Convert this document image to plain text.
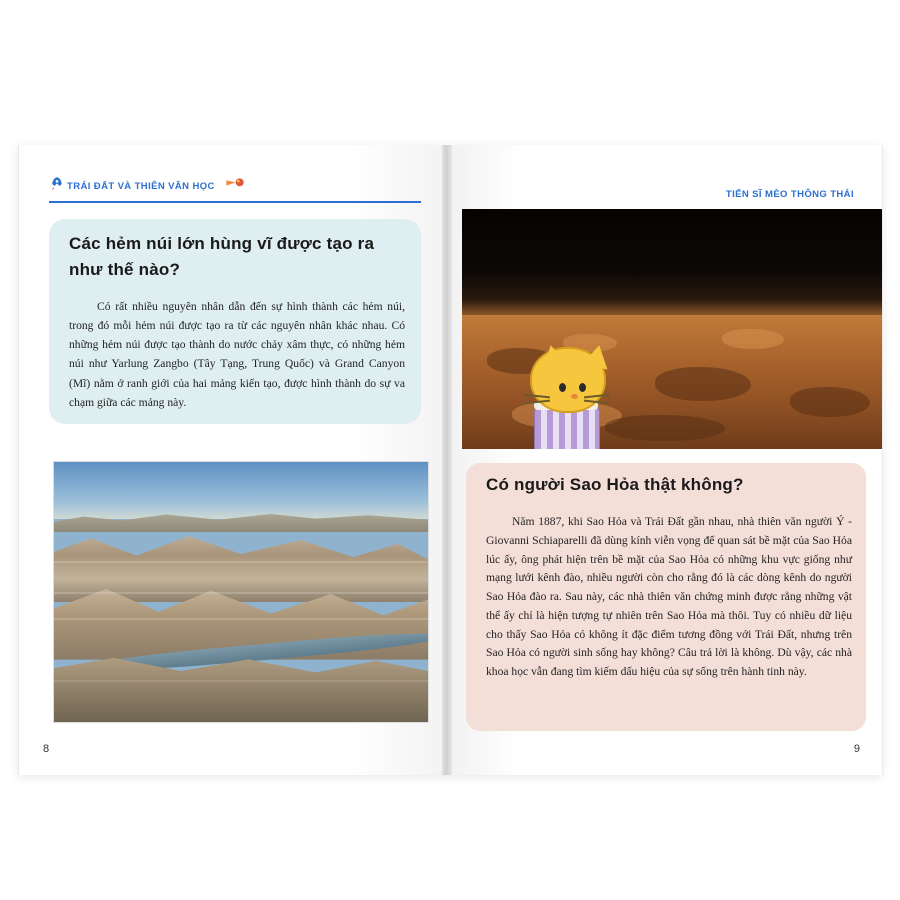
TRÁI ĐẤT VÀ THIÊN VĂN HỌC
Các hẻm núi lớn hùng vĩ được tạo ra như thế nào?
Có rất nhiều nguyên nhân dẫn đến sự hình thành các hẻm núi, trong đó mỗi hẻm núi được tạo ra từ các nguyên nhân khác nhau. Có những hẻm núi được tạo thành do nước chảy xâm thực, có những hẻm núi như Yarlung Zangbo (Tây Tạng, Trung Quốc) và Grand Canyon (Mĩ) nằm ở ranh giới của hai mảng kiến tạo, được hình thành do sự va chạm giữa các mảng này.
8
TIẾN SĨ MÈO THÔNG THÁI
Có người Sao Hỏa thật không?
Năm 1887, khi Sao Hỏa và Trái Đất gần nhau, nhà thiên văn người Ý - Giovanni Schiaparelli đã dùng kính viễn vọng để quan sát bề mặt của Sao Hỏa lúc ấy, ông phát hiện trên bề mặt của Sao Hỏa có những khu vực giống như mạng lưới kênh đào, nhiều người còn cho rằng đó là các dòng kênh do người Sao Hỏa đào ra. Sau này, các nhà thiên văn chứng minh được rằng những vật thể ấy chỉ là hiện tượng tự nhiên trên Sao Hỏa mà thôi. Tuy có nhiều dữ liệu cho thấy Sao Hỏa có không ít đặc điểm tương đồng với Trái Đất, nhưng trên Sao Hỏa có người sinh sống hay không? Câu trả lời là không. Dù vậy, các nhà khoa học vẫn đang tìm kiếm dấu hiệu của sự sống trên hành tinh này.
9
